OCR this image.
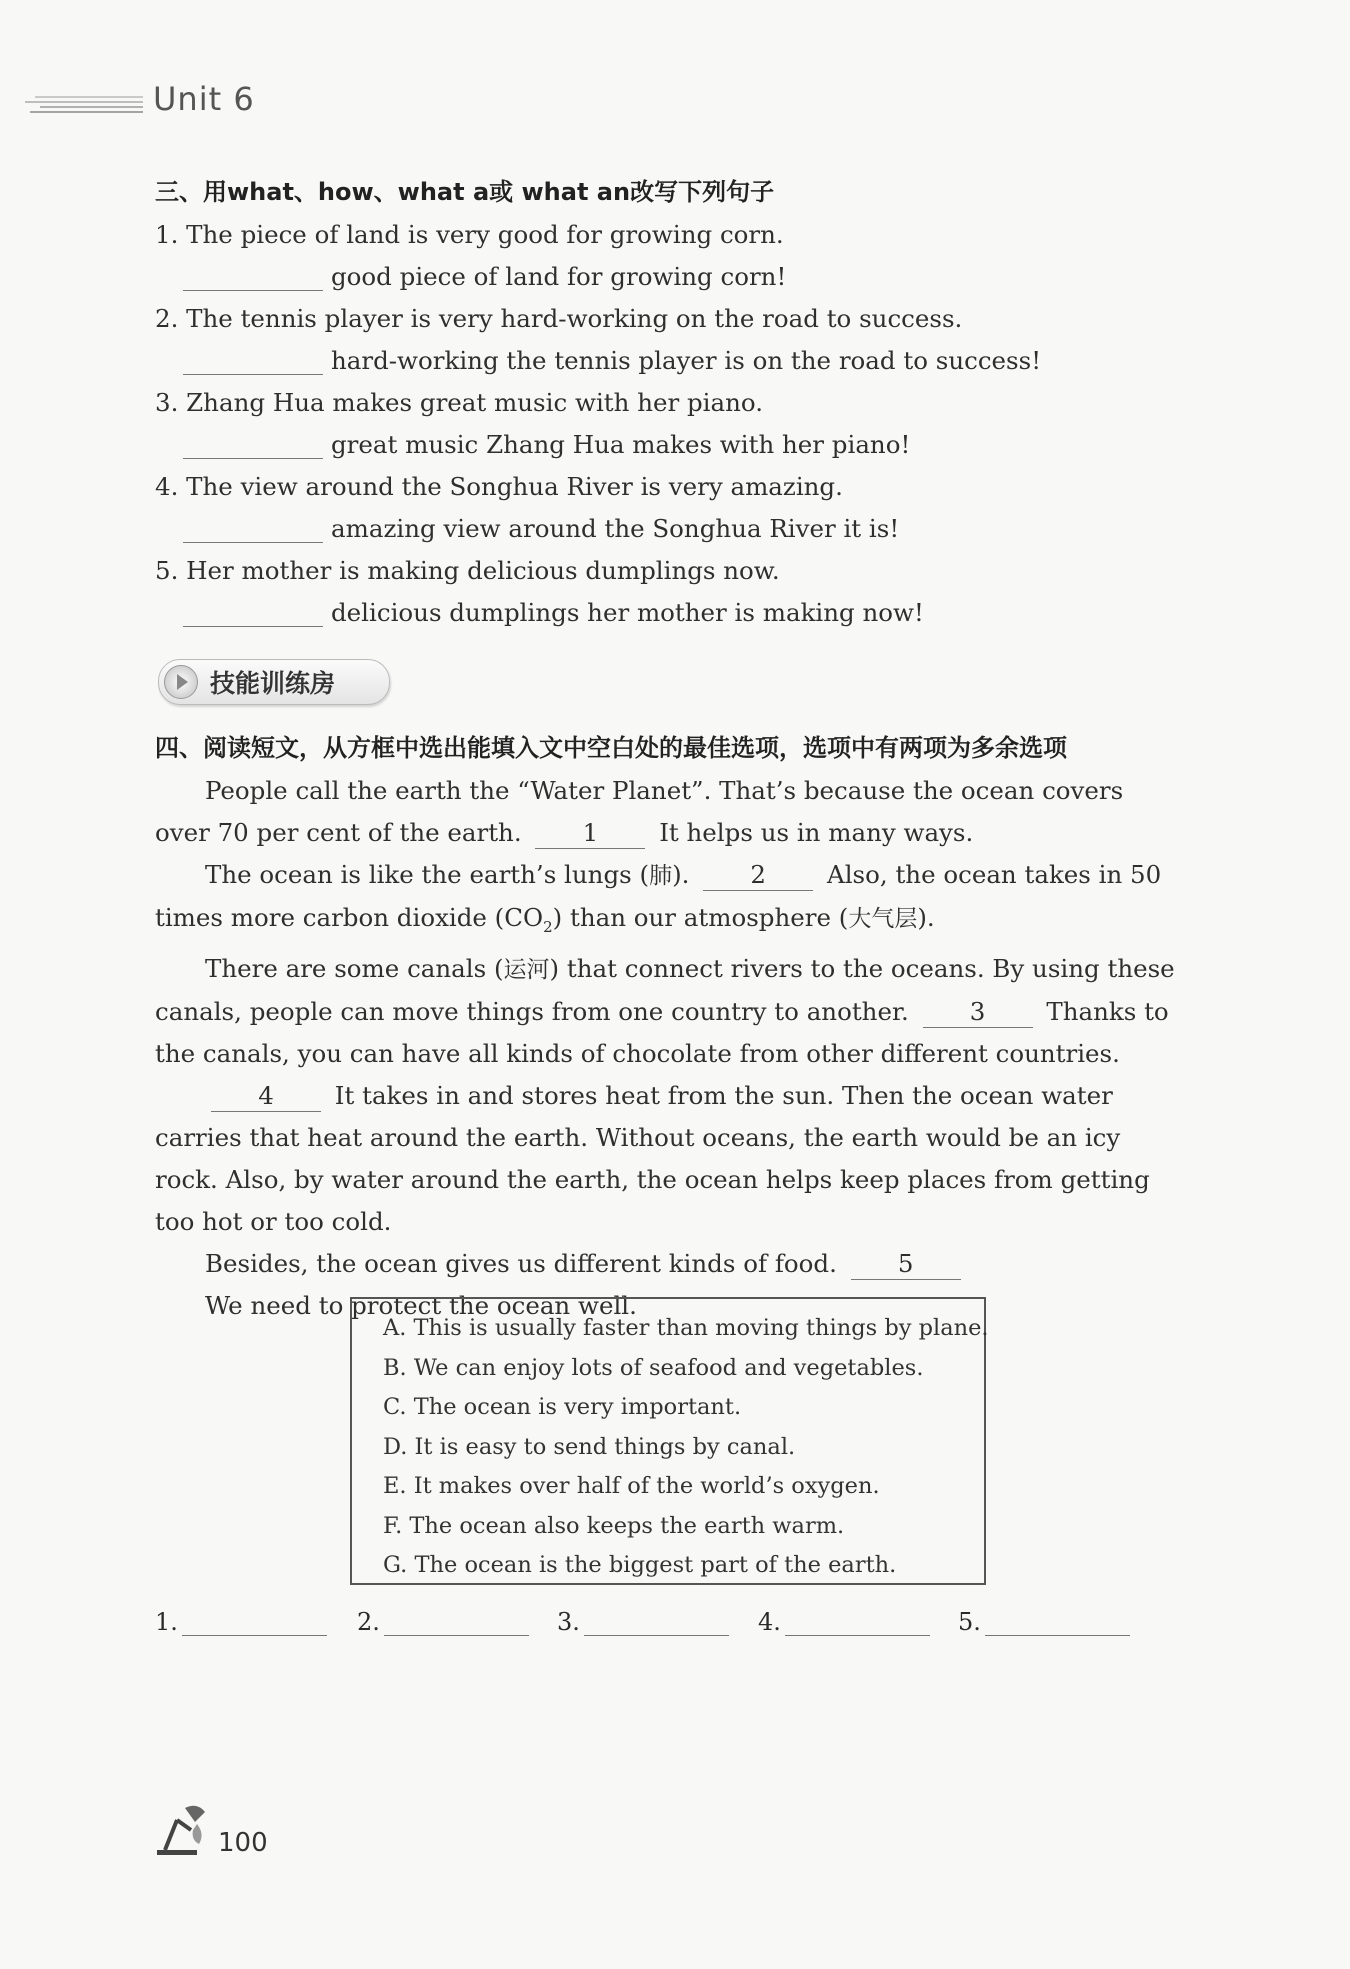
Unit 6
三、用what、how、what a或 what an改写下列句子
1. The piece of land is very good for growing corn.
good piece of land for growing corn!
2. The tennis player is very hard-working on the road to success.
hard-working the tennis player is on the road to success!
3. Zhang Hua makes great music with her piano.
great music Zhang Hua makes with her piano!
4. The view around the Songhua River is very amazing.
amazing view around the Songhua River it is!
5. Her mother is making delicious dumplings now.
delicious dumplings her mother is making now!
技能训练房
四、阅读短文，从方框中选出能填入文中空白处的最佳选项，选项中有两项为多余选项
People call the earth the “Water Planet”. That’s because the ocean covers over 70 per cent of the earth. 1 It helps us in many ways.
The ocean is like the earth’s lungs (肺). 2 Also, the ocean takes in 50 times more carbon dioxide $(CO_2)$ than our atmosphere (大气层).
There are some canals (运河) that connect rivers to the oceans. By using these canals, people can move things from one country to another. 3 Thanks to the canals, you can have all kinds of chocolate from other different countries.
4 It takes in and stores heat from the sun. Then the ocean water carries that heat around the earth. Without oceans, the earth would be an icy rock. Also, by water around the earth, the ocean helps keep places from getting too hot or too cold.
Besides, the ocean gives us different kinds of food. 5
We need to protect the ocean well.
A. This is usually faster than moving things by plane.
B. We can enjoy lots of seafood and vegetables.
C. The ocean is very important.
D. It is easy to send things by canal.
E. It makes over half of the world’s oxygen.
F. The ocean also keeps the earth warm.
G. The ocean is the biggest part of the earth.
1.	2.	3.	4.	5.
100
